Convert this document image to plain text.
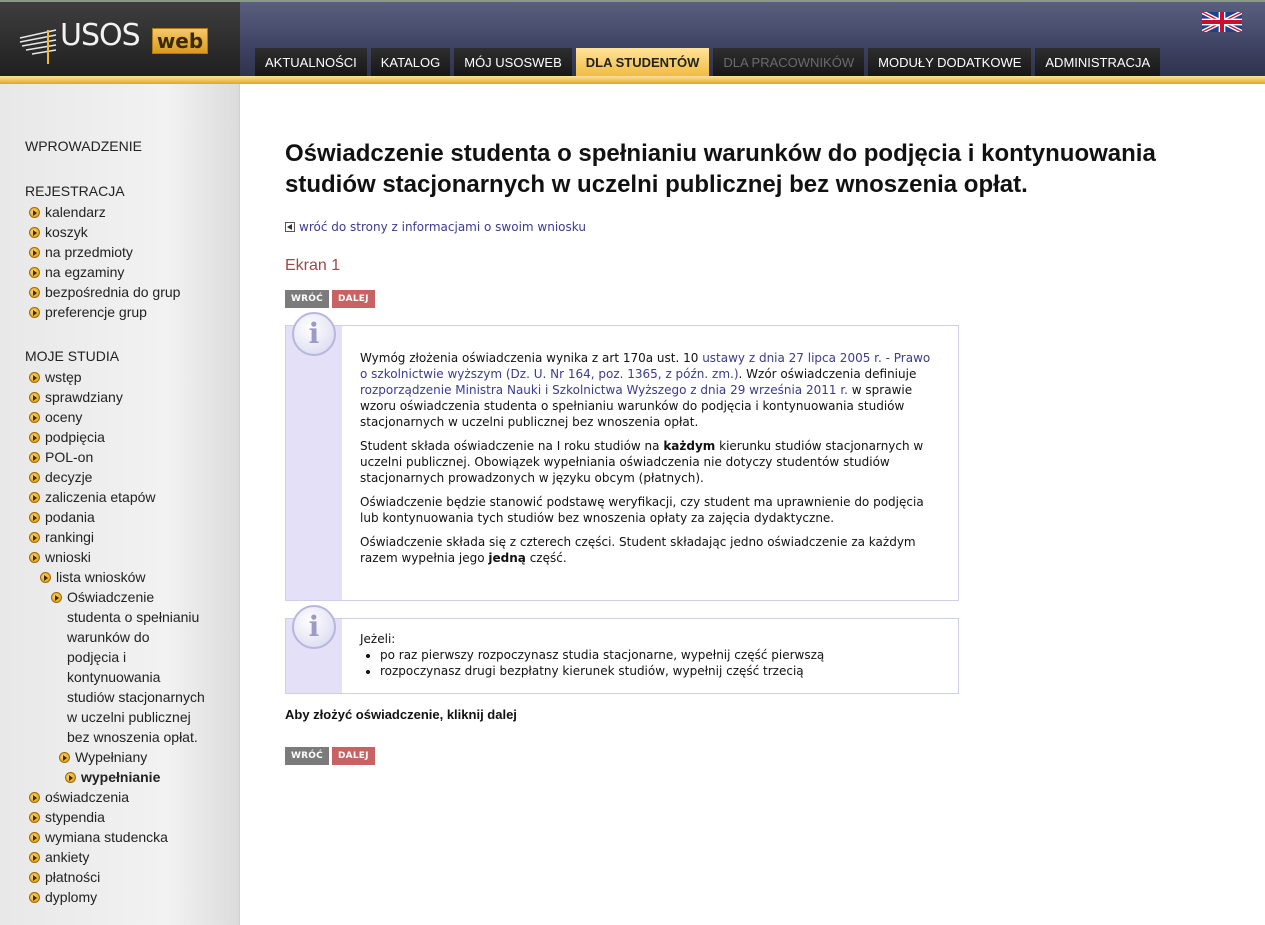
USOS web
AKTUALNOŚCI	KATALOG	MÓJ USOSWEB	DLA STUDENTÓW	DLA PRACOWNIKÓW	MODUŁY DODATKOWE	ADMINISTRACJA
WPROWADZENIE
REJESTRACJA
kalendarz
koszyk
na przedmioty
na egzaminy
bezpośrednia do grup
preferencje grup
MOJE STUDIA
wstęp
sprawdziany
oceny
podpięcia
POL-on
decyzje
zaliczenia etapów
podania
rankingi
wnioski
lista wniosków
Oświadczenie
studenta o spełnianiu
warunków do
podjęcia i
kontynuowania
studiów stacjonarnych
w uczelni publicznej
bez wnoszenia opłat.
Wypełniany
wypełnianie
oświadczenia
stypendia
wymiana studencka
ankiety
płatności
dyplomy
Oświadczenie studenta o spełnianiu warunków do podjęcia i kontynuowania studiów stacjonarnych w uczelni publicznej bez wnoszenia opłat.
wróć do strony z informacjami o swoim wniosku
Ekran 1
WRÓĆ	DALEJ
i

Wymóg złożenia oświadczenia wynika z art 170a ust. 10 ustawy z dnia 27 lipca 2005 r. - Prawo o szkolnictwie wyższym (Dz. U. Nr 164, poz. 1365, z późn. zm.). Wzór oświadczenia definiuje rozporządzenie Ministra Nauki i Szkolnictwa Wyższego z dnia 29 września 2011 r. w sprawie wzoru oświadczenia studenta o spełnianiu warunków do podjęcia i kontynuowania studiów stacjonarnych w uczelni publicznej bez wnoszenia opłat.

Student składa oświadczenie na I roku studiów na każdym kierunku studiów stacjonarnych w uczelni publicznej. Obowiązek wypełniania oświadczenia nie dotyczy studentów studiów stacjonarnych prowadzonych w języku obcym (płatnych).

Oświadczenie będzie stanowić podstawę weryfikacji, czy student ma uprawnienie do podjęcia lub kontynuowania tych studiów bez wnoszenia opłaty za zajęcia dydaktyczne.

Oświadczenie składa się z czterech części. Student składając jedno oświadczenie za każdym razem wypełnia jego jedną część.

i	Jeżeli:
• po raz pierwszy rozpoczynasz studia stacjonarne, wypełnij część pierwszą
• rozpoczynasz drugi bezpłatny kierunek studiów, wypełnij część trzecią
Aby złożyć oświadczenie, kliknij dalej
WRÓĆ	DALEJ
